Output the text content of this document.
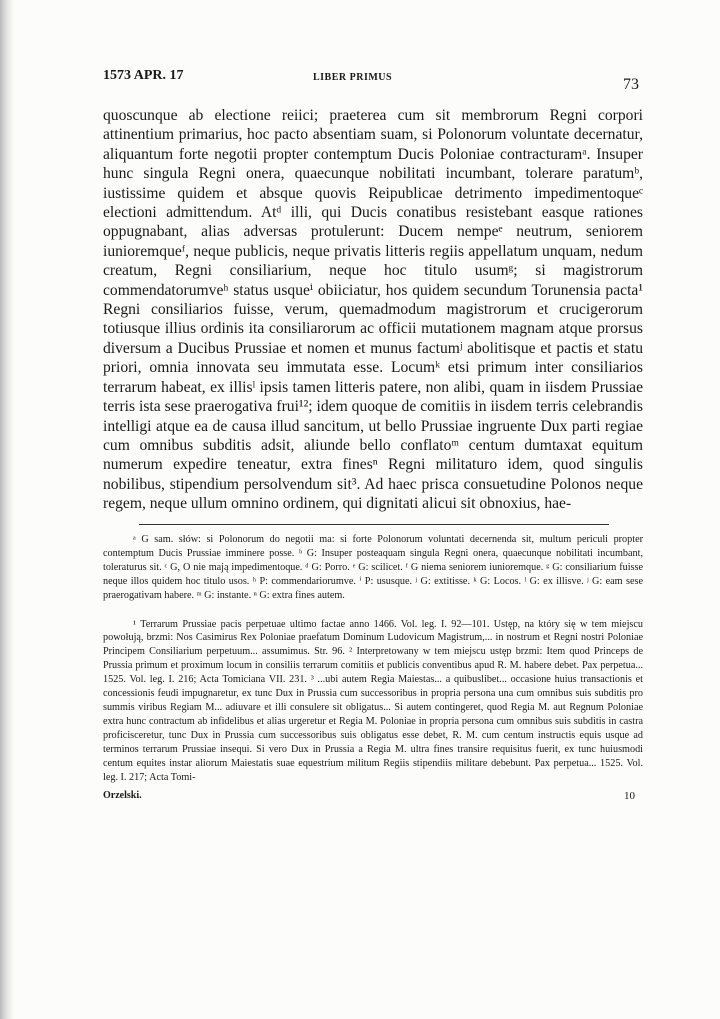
1573 APR. 17	LIBER PRIMUS	73

quoscunque ab electione reiici; praeterea cum sit membrorum Regni corpori attinentium primarius, hoc pacto absentiam suam, si Polonorum voluntate decernatur, aliquantum forte negotii propter contemptum Ducis Poloniae contracturamᵃ. Insuper hunc singula Regni onera, quaecunque nobilitati incumbant, tolerare paratumᵇ, iustissime quidem et absque quovis Reipublicae detrimento impedimentoqueᶜ electioni admittendum. Atᵈ illi, qui Ducis conatibus resistebant easque rationes oppugnabant, alias adversas protulerunt: Ducem nempeᵉ neutrum, seniorem iunioremqueᶠ, neque publicis, neque privatis litteris regiis appellatum unquam, nedum creatum, Regni consiliarium, neque hoc titulo usumᵍ; si magistrorum commendatorumveʰ status usqueⁱ obiiciatur, hos quidem secundum Torunensia pacta¹ Regni consiliarios fuisse, verum, quemadmodum magistrorum et crucigerorum totiusque illius ordinis ita consiliarorum ac officii mutationem magnam atque prorsus diversum a Ducibus Prussiae et nomen et munus factumʲ abolitisque et pactis et statu priori, omnia innovata seu immutata esse. Locumᵏ etsi primum inter consiliarios terrarum habeat, ex illisˡ ipsis tamen litteris patere, non alibi, quam in iisdem Prussiae terris ista sese praerogativa frui¹²; idem quoque de comitiis in iisdem terris celebrandis intelligi atque ea de causa illud sancitum, ut bello Prussiae ingruente Dux parti regiae cum omnibus subditis adsit, aliunde bello conflatoᵐ centum dumtaxat equitum numerum expedire teneatur, extra finesⁿ Regni militaturo idem, quod singulis nobilibus, stipendium persolvendum sit³. Ad haec prisca consuetudine Polonos neque regem, neque ullum omnino ordinem, qui dignitati alicui sit obnoxius, hae-

ᵃ G sam. słów: si Polonorum do negotii ma: si forte Polonorum voluntati decernenda sit, multum periculi propter contemptum Ducis Prussiae imminere posse. ᵇ G: Insuper posteaquam singula Regni onera, quaecunque nobilitati incumbant, toleraturus sit. ᶜ G, O nie mają impedimentoque. ᵈ G: Porro. ᵉ G: scilicet. ᶠ G niema seniorem iunioremque. ᵍ G: consiliarium fuisse neque illos quidem hoc titulo usos. ʰ P: commendariorumve. ⁱ P: ususque. ʲ G: extitisse. ᵏ G: Locos. ˡ G: ex illisve. ʲ G: eam sese praerogativam habere. ᵐ G: instante. ⁿ G: extra fines autem.

¹ Terrarum Prussiae pacis perpetuae ultimo factae anno 1466. Vol. leg. I. 92—101. Ustęp, na który się w tem miejscu powołują, brzmi: Nos Casimirus Rex Poloniae praefatum Dominum Ludovicum Magistrum,... in nostrum et Regni nostri Poloniae Principem Consiliarium perpetuum... assumimus. Str. 96. ² Interpretowany w tem miejscu ustęp brzmi: Item quod Princeps de Prussia primum et proximum locum in consiliis terrarum comitiis et publicis conventibus apud R. M. habere debet. Pax perpetua... 1525. Vol. leg. I. 216; Acta Tomiciana VII. 231. ³ ...ubi autem Regia Maiestas... a quibuslibet... occasione huius transactionis et concessionis feudi impugnaretur, ex tunc Dux in Prussia cum successoribus in propria persona una cum omnibus suis subditis pro summis viribus Regiam M... adiuvare et illi consulere sit obligatus... Si autem contingeret, quod Regia M. aut Regnum Poloniae extra hunc contractum ab infidelibus et alias urgeretur et Regia M. Poloniae in propria persona cum omnibus suis subditis in castra proficisceretur, tunc Dux in Prussia cum successoribus suis obligatus esse debet, R. M. cum centum instructis equis usque ad terminos terrarum Prussiae insequi. Si vero Dux in Prussia a Regia M. ultra fines transire requisitus fuerit, ex tunc huiusmodi centum equites instar aliorum Maiestatis suae equestrium militum Regiis stipendiis militare debebunt. Pax perpetua... 1525. Vol. leg. I. 217; Acta Tomi-

Orzelski.	10
